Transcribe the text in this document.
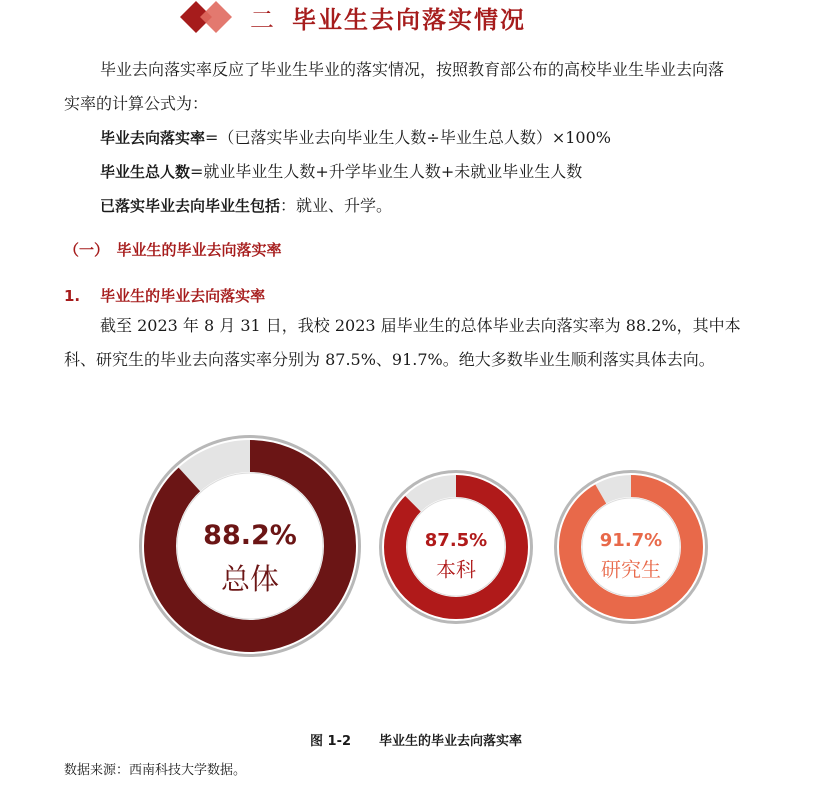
二 毕业生去向落实情况
毕业去向落实率反应了毕业生毕业的落实情况，按照教育部公布的高校毕业生毕业去向落
实率的计算公式为：
毕业去向落实率=（已落实毕业去向毕业生人数÷毕业生总人数）×100%
毕业生总人数=就业毕业生人数+升学毕业生人数+未就业毕业生人数
已落实毕业去向毕业生包括：就业、升学。
（一）　毕业生的毕业去向落实率
1. 毕业生的毕业去向落实率
截至 2023 年 8 月 31 日，我校 2023 届毕业生的总体毕业去向落实率为 88.2%，其中本
科、研究生的毕业去向落实率分别为 87.5%、91.7%。绝大多数毕业生顺利落实具体去向。
88.2%
总体
87.5%
本科
91.7%
研究生
图 1-2 毕业生的毕业去向落实率
数据来源：西南科技大学数据。
